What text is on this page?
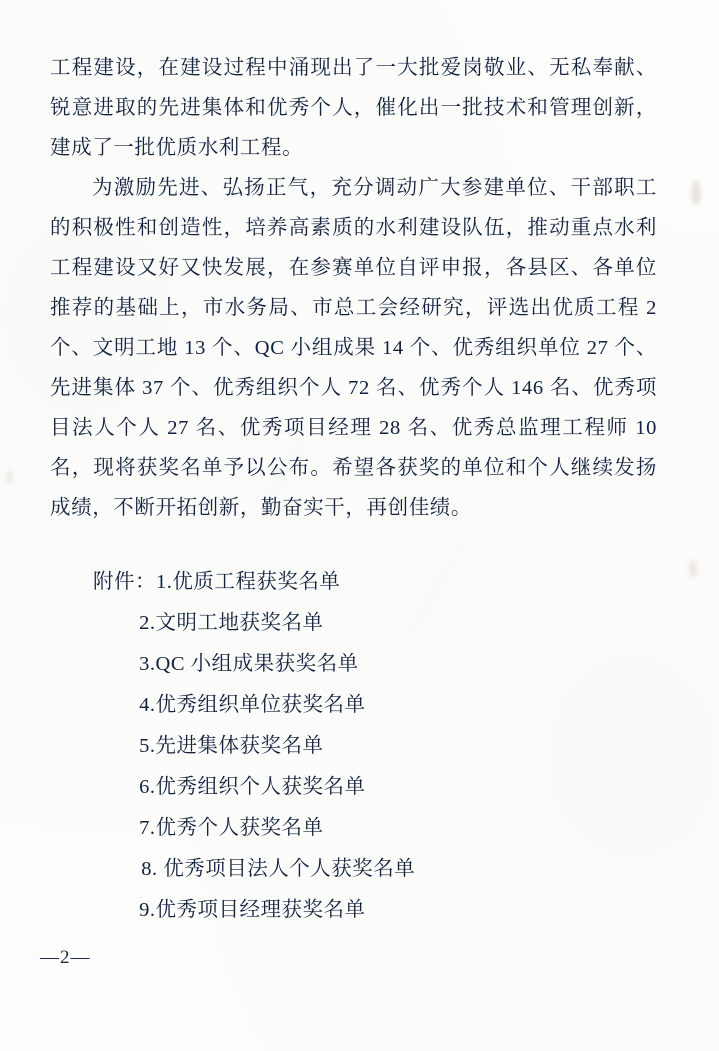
工程建设，在建设过程中涌现出了一大批爱岗敬业、无私奉献、锐意进取的先进集体和优秀个人，催化出一批技术和管理创新，建成了一批优质水利工程。

为激励先进、弘扬正气，充分调动广大参建单位、干部职工的积极性和创造性，培养高素质的水利建设队伍，推动重点水利工程建设又好又快发展，在参赛单位自评申报，各县区、各单位推荐的基础上，市水务局、市总工会经研究，评选出优质工程 2 个、文明工地 13 个、QC 小组成果 14 个、优秀组织单位 27 个、先进集体 37 个、优秀组织个人 72 名、优秀个人 146 名、优秀项目法人个人 27 名、优秀项目经理 28 名、优秀总监理工程师 10 名，现将获奖名单予以公布。希望各获奖的单位和个人继续发扬成绩，不断开拓创新，勤奋实干，再创佳绩。

附件：1.优质工程获奖名单
2.文明工地获奖名单
3.QC 小组成果获奖名单
4.优秀组织单位获奖名单
5.先进集体获奖名单
6.优秀组织个人获奖名单
7.优秀个人获奖名单
8. 优秀项目法人个人获奖名单
9.优秀项目经理获奖名单
—2—
